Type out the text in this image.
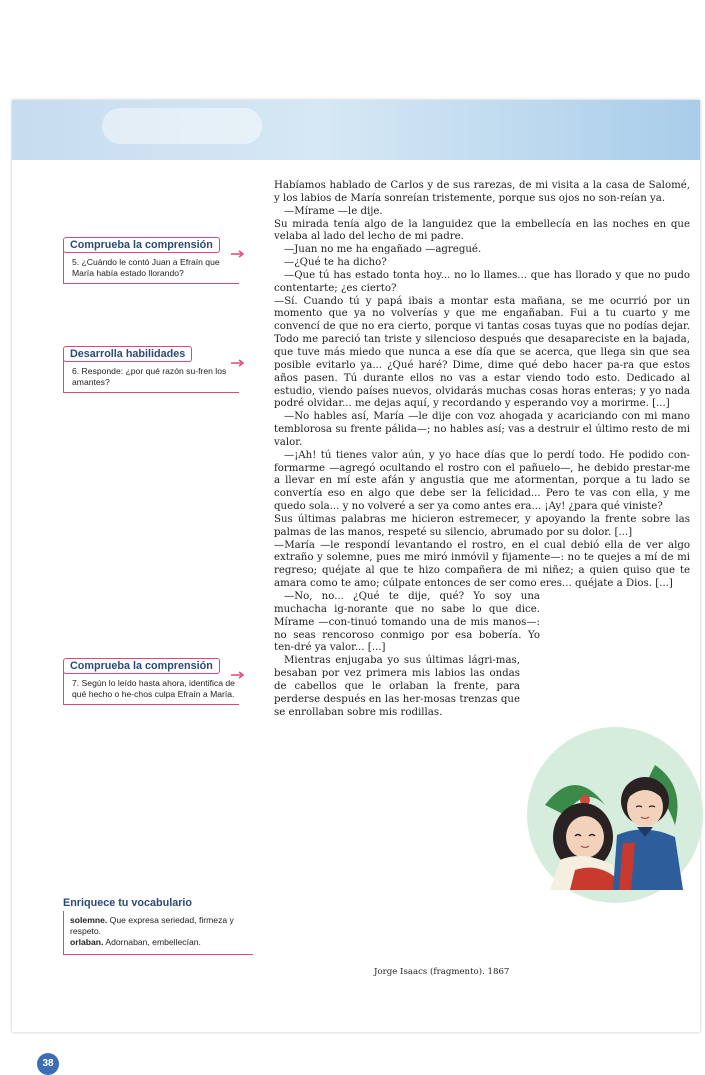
Habíamos hablado de Carlos y de sus rarezas, de mi visita a la casa de Salomé, y los labios de María sonreían tristemente, porque sus ojos no son-reían ya.

—Mírame —le dije.

Su mirada tenía algo de la languidez que la embellecía en las noches en que velaba al lado del lecho de mi padre.

—Juan no me ha engañado —agregué.

—¿Qué te ha dicho?

—Que tú has estado tonta hoy... no lo llames... que has llorado y que no pudo contentarte; ¿es cierto?

—Sí. Cuando tú y papá ibais a montar esta mañana, se me ocurrió por un momento que ya no volverías y que me engañaban. Fui a tu cuarto y me convencí de que no era cierto, porque vi tantas cosas tuyas que no podías dejar. Todo me pareció tan triste y silencioso después que desapareciste en la bajada, que tuve más miedo que nunca a ese día que se acerca, que llega sin que sea posible evitarlo ya... ¿Qué haré? Dime, dime qué debo hacer pa-ra que estos años pasen. Tú durante ellos no vas a estar viendo todo esto. Dedicado al estudio, viendo países nuevos, olvidarás muchas cosas horas enteras; y yo nada podré olvidar... me dejas aquí, y recordando y esperando voy a morirme. [...]

—No hables así, María —le dije con voz ahogada y acariciando con mi mano temblorosa su frente pálida—; no hables así; vas a destruir el último resto de mi valor.

—¡Ah! tú tienes valor aún, y yo hace días que lo perdí todo. He podido con-formarme —agregó ocultando el rostro con el pañuelo—, he debido prestar-me a llevar en mí este afán y angustia que me atormentan, porque a tu lado se convertía eso en algo que debe ser la felicidad... Pero te vas con ella, y me quedo sola... y no volveré a ser ya como antes era... ¡Ay! ¿para qué viniste?

Sus últimas palabras me hicieron estremecer, y apoyando la frente sobre las palmas de las manos, respeté su silencio, abrumado por su dolor. [...]

—María —le respondí levantando el rostro, en el cual debió ella de ver algo extraño y solemne, pues me miró inmóvil y fijamente—: no te quejes a mí de mi regreso; quéjate al que te hizo compañera de mi niñez; a quien quiso que te amara como te amo; cúlpate entonces de ser como eres... quéjate a Dios. [...]

—No, no... ¿Qué te dije, qué? Yo soy una muchacha ig-norante que no sabe lo que dice. Mírame —con-tinuó tomando una de mis manos—: no seas rencoroso conmigo por esa bobería. Yo ten-dré ya valor... [...]

Mientras enjugaba yo sus últimas lágri-mas, besaban por vez primera mis labios las ondas de cabellos que le orlaban la frente, para perderse después en las her-mosas trenzas que se enrollaban sobre mis rodillas.

Jorge Isaacs (fragmento). 1867
Comprueba la comprensión
5. ¿Cuándo le contó Juan a Efraín que María había estado llorando?
Desarrolla habilidades
6. Responde: ¿por qué razón su-fren los amantes?
Comprueba la comprensión
7. Según lo leído hasta ahora, identifica de qué hecho o he-chos culpa Efraín a María.
Enriquece tu vocabulario
solemne. Que expresa seriedad, firmeza y respeto.
orlaban. Adornaban, embellecían.
38
